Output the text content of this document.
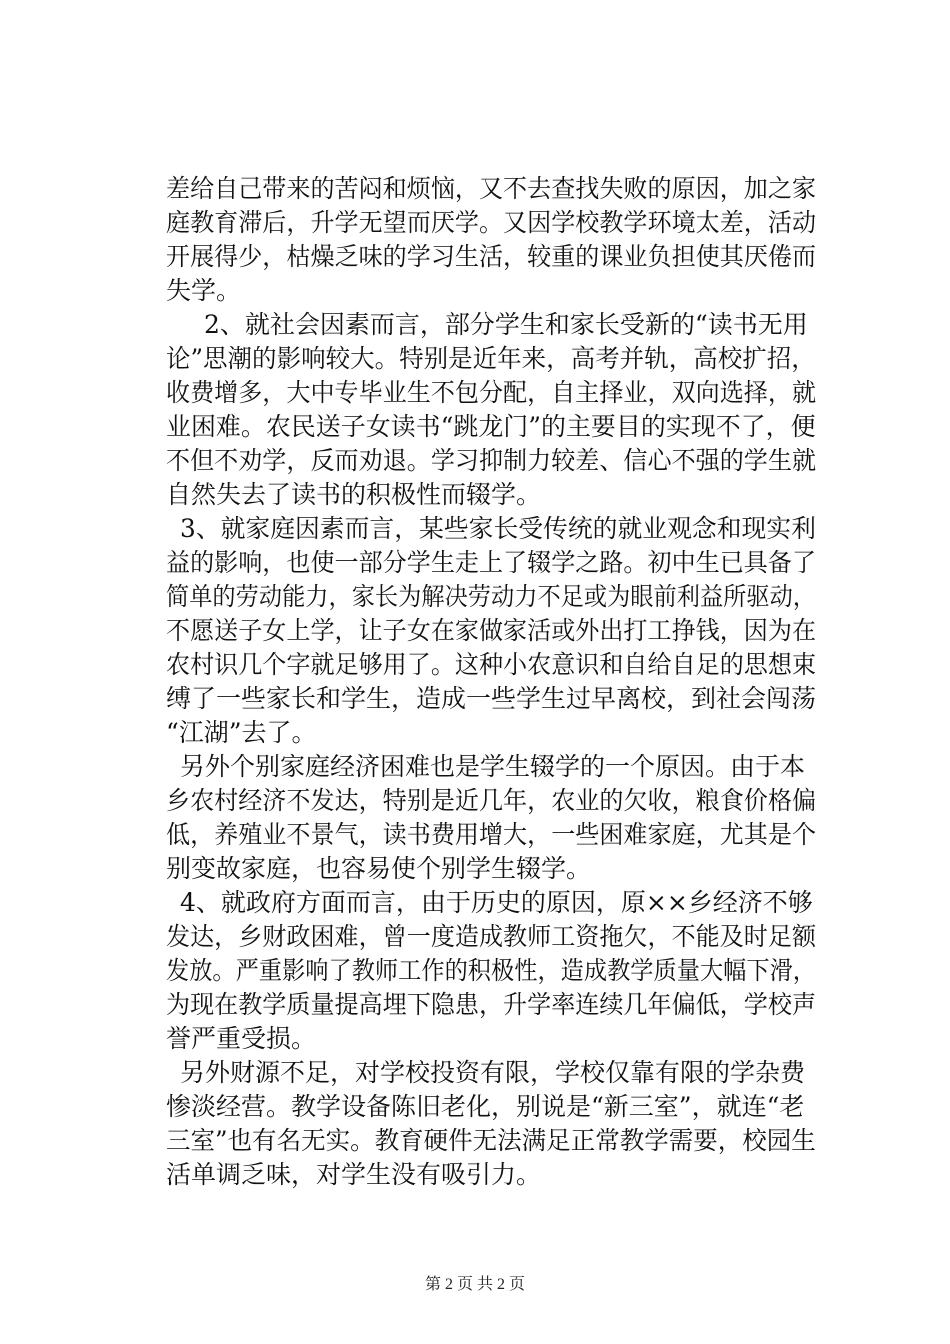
差给自己带来的苦闷和烦恼，又不去查找失败的原因，加之家
庭教育滞后，升学无望而厌学。又因学校教学环境太差，活动
开展得少，枯燥乏味的学习生活，较重的课业负担使其厌倦而
失学。
2、就社会因素而言，部分学生和家长受新的“读书无用
论”思潮的影响较大。特别是近年来，高考并轨，高校扩招，
收费增多，大中专毕业生不包分配，自主择业，双向选择，就
业困难。农民送子女读书“跳龙门”的主要目的实现不了，便
不但不劝学，反而劝退。学习抑制力较差、信心不强的学生就
自然失去了读书的积极性而辍学。
3、就家庭因素而言，某些家长受传统的就业观念和现实利
益的影响，也使一部分学生走上了辍学之路。初中生已具备了
简单的劳动能力，家长为解决劳动力不足或为眼前利益所驱动，
不愿送子女上学，让子女在家做家活或外出打工挣钱，因为在
农村识几个字就足够用了。这种小农意识和自给自足的思想束
缚了一些家长和学生，造成一些学生过早离校，到社会闯荡
“江湖”去了。
另外个别家庭经济困难也是学生辍学的一个原因。由于本
乡农村经济不发达，特别是近几年，农业的欠收，粮食价格偏
低，养殖业不景气，读书费用增大，一些困难家庭，尤其是个
别变故家庭，也容易使个别学生辍学。
4、就政府方面而言，由于历史的原因，原××乡经济不够
发达，乡财政困难，曾一度造成教师工资拖欠，不能及时足额
发放。严重影响了教师工作的积极性，造成教学质量大幅下滑，
为现在教学质量提高埋下隐患，升学率连续几年偏低，学校声
誉严重受损。
另外财源不足，对学校投资有限，学校仅靠有限的学杂费
惨淡经营。教学设备陈旧老化，别说是“新三室”，就连“老
三室”也有名无实。教育硬件无法满足正常教学需要，校园生
活单调乏味，对学生没有吸引力。
第 2 页 共 2 页
